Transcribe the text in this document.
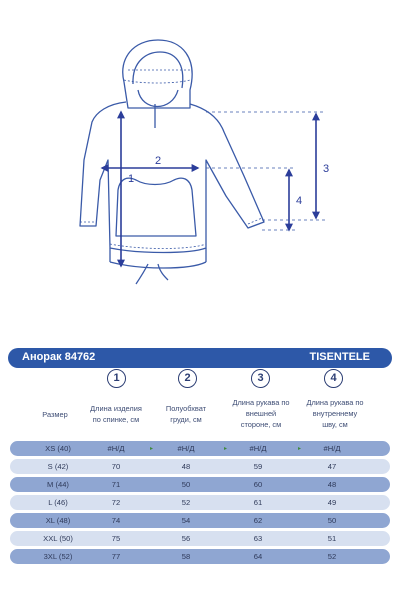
1
2
3
4
Анорак 84762	TISENTELE
1	2	3	4
Размер
Длина изделия
по спинке, см
Полуобхват
груди, см
Длина рукава по
внешней
стороне, см
Длина рукава по
внутреннему
шву, см
XS (40)	#Н/Д	#Н/Д	#Н/Д	#Н/Д
▸	▸	▸
S (42)	70	48	59	47
M (44)	71	50	60	48
L (46)	72	52	61	49
XL (48)	74	54	62	50
XXL (50)	75	56	63	51
3XL (52)	77	58	64	52
